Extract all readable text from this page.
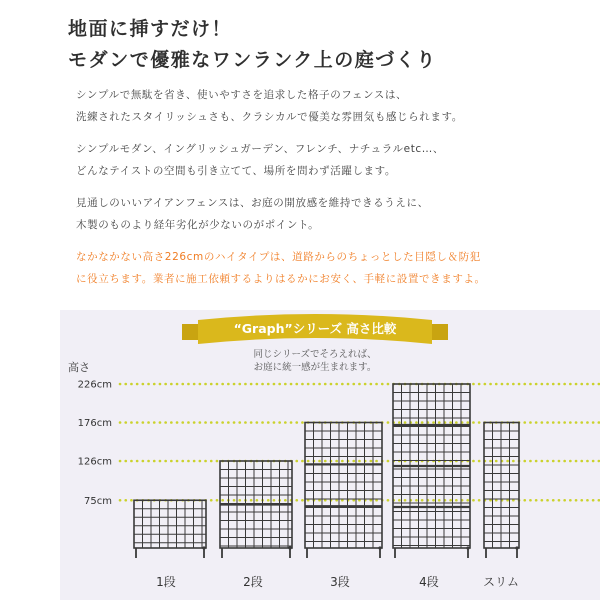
地面に挿すだけ！
モダンで優雅なワンランク上の庭づくり
シンプルで無駄を省き、使いやすさを追求した格子のフェンスは、
洗練されたスタイリッシュさも、クラシカルで優美な雰囲気も感じられます。
シンプルモダン、イングリッシュガーデン、フレンチ、ナチュラルetc…、
どんなテイストの空間も引き立てて、場所を問わず活躍します。
見通しのいいアイアンフェンスは、お庭の開放感を維持できるうえに、
木製のものより経年劣化が少ないのがポイント。
なかなかない高さ226cmのハイタイプは、道路からのちょっとした目隠し＆防犯
に役立ちます。業者に施工依頼するよりはるかにお安く、手軽に設置できますよ。
“Graph”シリーズ 高さ比較
同じシリーズでそろえれば、
お庭に統一感が生まれます。
高さ
75cm
126cm
176cm
226cm
1段	2段	3段	4段	スリム
